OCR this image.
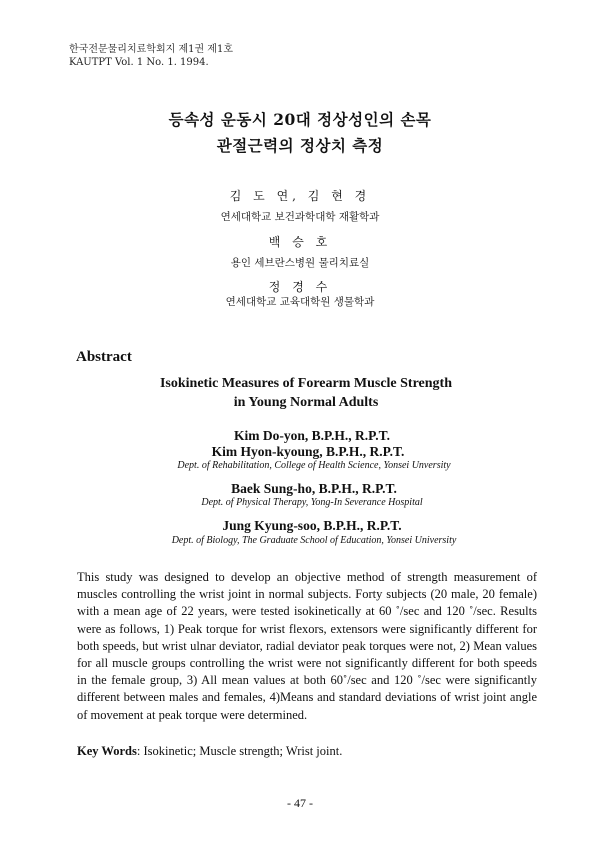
한국전문물리치료학회지 제1권 제1호
KAUTPT Vol. 1 No. 1. 1994.
등속성 운동시 20대 정상성인의 손목
관절근력의 정상치 측정
김 도 연, 김 현 경
연세대학교 보건과학대학 재활학과
백 승 호
용인 세브란스병원 물리치료실
정 경 수
연세대학교 교육대학원 생물학과
Abstract
Isokinetic Measures of Forearm Muscle Strength
in Young Normal Adults
Kim Do-yon, B.P.H., R.P.T.
Kim Hyon-kyoung, B.P.H., R.P.T.
Dept. of Rehabilitation, College of Health Science, Yonsei Unversity
Baek Sung-ho, B.P.H., R.P.T.
Dept. of Physical Therapy, Yong-In Severance Hospital
Jung Kyung-soo, B.P.H., R.P.T.
Dept. of Biology, The Graduate School of Education, Yonsei University

This study was designed to develop an objective method of strength measurement of muscles controlling the wrist joint in normal subjects. Forty subjects (20 male, 20 female) with a mean age of 22 years, were tested isokinetically at 60 ˚/sec and 120 ˚/sec. Results were as follows, 1) Peak torque for wrist flexors, extensors were significantly different for both speeds, but wrist ulnar deviator, radial deviator peak torques were not, 2) Mean values for all muscle groups controlling the wrist were not significantly different for both speeds in the female group, 3) All mean values at both 60˚/sec and 120 ˚/sec were significantly different between males and females, 4)Means and standard deviations of wrist joint angle of movement at peak torque were determined.

Key Words: Isokinetic; Muscle strength; Wrist joint.
- 47 -
